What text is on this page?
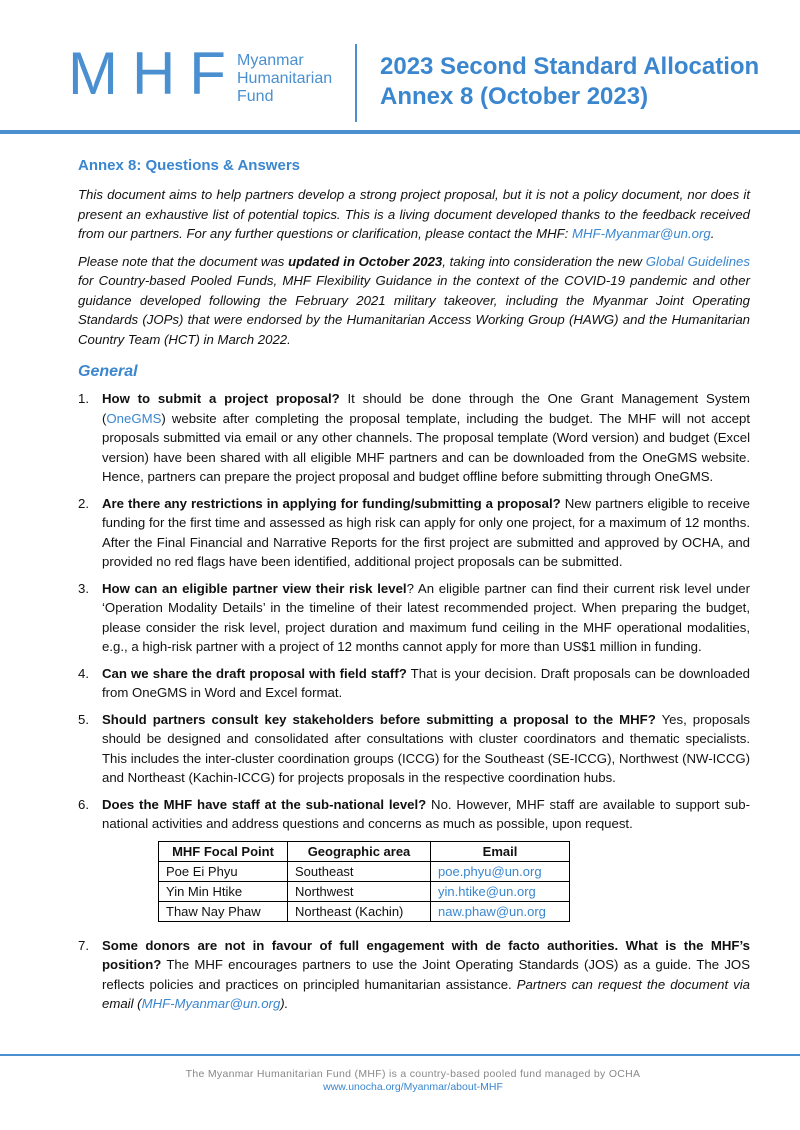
MHF
Myanmar
Humanitarian
Fund
2023 Second Standard Allocation
Annex 8 (October 2023)
Annex 8: Questions & Answers

This document aims to help partners develop a strong project proposal, but it is not a policy document, nor does it present an exhaustive list of potential topics. This is a living document developed thanks to the feedback received from our partners. For any further questions or clarification, please contact the MHF: MHF-Myanmar@un.org.

Please note that the document was updated in October 2023, taking into consideration the new Global Guidelines for Country-based Pooled Funds, MHF Flexibility Guidance in the context of the COVID-19 pandemic and other guidance developed following the February 2021 military takeover, including the Myanmar Joint Operating Standards (JOPs) that were endorsed by the Humanitarian Access Working Group (HAWG) and the Humanitarian Country Team (HCT) in March 2022.

General
1. How to submit a project proposal? It should be done through the One Grant Management System (OneGMS) website after completing the proposal template, including the budget. The MHF will not accept proposals submitted via email or any other channels. The proposal template (Word version) and budget (Excel version) have been shared with all eligible MHF partners and can be downloaded from the OneGMS website. Hence, partners can prepare the project proposal and budget offline before submitting through OneGMS.
2. Are there any restrictions in applying for funding/submitting a proposal? New partners eligible to receive funding for the first time and assessed as high risk can apply for only one project, for a maximum of 12 months. After the Final Financial and Narrative Reports for the first project are submitted and approved by OCHA, and provided no red flags have been identified, additional project proposals can be submitted.
3. How can an eligible partner view their risk level? An eligible partner can find their current risk level under ‘Operation Modality Details’ in the timeline of their latest recommended project. When preparing the budget, please consider the risk level, project duration and maximum fund ceiling in the MHF operational modalities, e.g., a high-risk partner with a project of 12 months cannot apply for more than US$1 million in funding.
4. Can we share the draft proposal with field staff? That is your decision. Draft proposals can be downloaded from OneGMS in Word and Excel format.
5. Should partners consult key stakeholders before submitting a proposal to the MHF? Yes, proposals should be designed and consolidated after consultations with cluster coordinators and thematic specialists. This includes the inter-cluster coordination groups (ICCG) for the Southeast (SE-ICCG), Northwest (NW-ICCG) and Northeast (Kachin-ICCG) for projects proposals in the respective coordination hubs.
6. Does the MHF have staff at the sub-national level? No. However, MHF staff are available to support sub-national activities and address questions and concerns as much as possible, upon request.
MHF Focal Point	Geographic area	Email
Poe Ei Phyu	Southeast	poe.phyu@un.org
Yin Min Htike	Northwest	yin.htike@un.org
Thaw Nay Phaw	Northeast (Kachin)	naw.phaw@un.org
7. Some donors are not in favour of full engagement with de facto authorities. What is the MHF’s position? The MHF encourages partners to use the Joint Operating Standards (JOS) as a guide. The JOS reflects policies and practices on principled humanitarian assistance. Partners can request the document via email (MHF-Myanmar@un.org).
The Myanmar Humanitarian Fund (MHF) is a country-based pooled fund managed by OCHA
www.unocha.org/Myanmar/about-MHF
